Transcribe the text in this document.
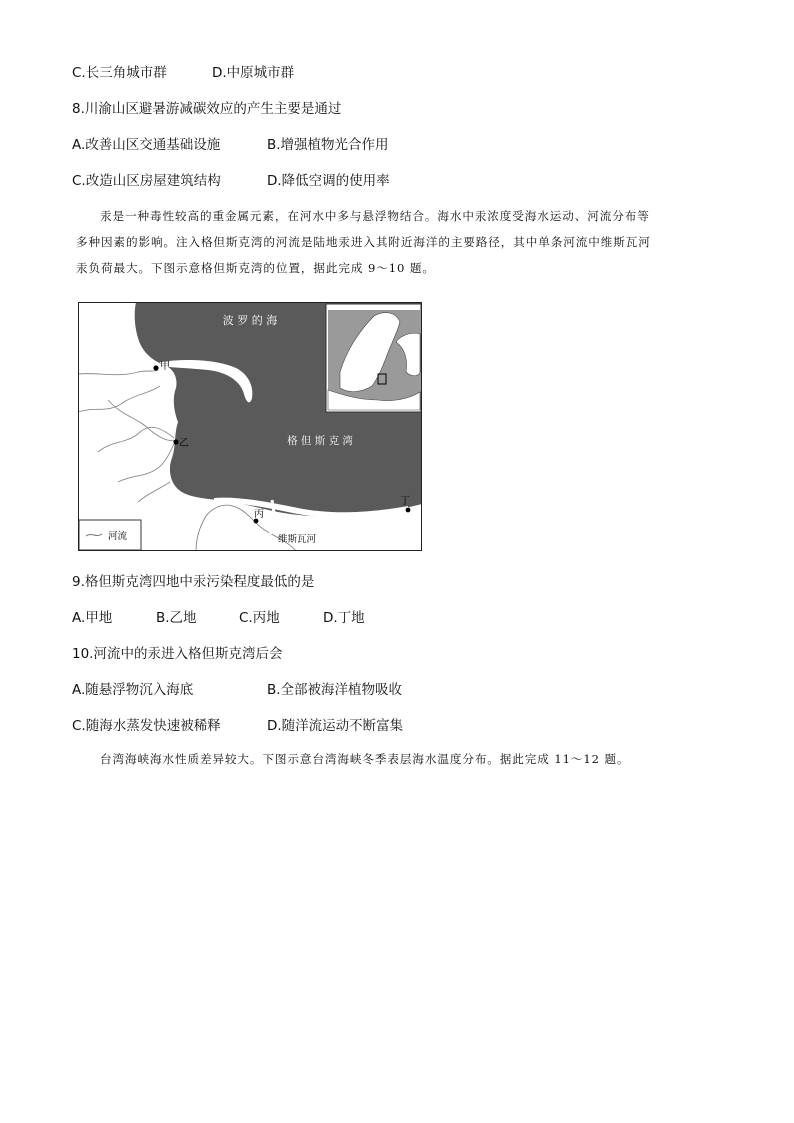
C.长三角城市群	D.中原城市群
8.川渝山区避暑游减碳效应的产生主要是通过
A.改善山区交通基础设施	B.增强植物光合作用
C.改造山区房屋建筑结构	D.降低空调的使用率
汞是一种毒性较高的重金属元素，在河水中多与悬浮物结合。海水中汞浓度受海水运动、河流分布等
多种因素的影响。注入格但斯克湾的河流是陆地汞进入其附近海洋的主要路径，其中单条河流中维斯瓦河
汞负荷最大。下图示意格但斯克湾的位置，据此完成 9～10 题。
波 罗 的 海
格 但 斯 克 湾
甲
乙
丙
丁
维斯瓦河
河流
9.格但斯克湾四地中汞污染程度最低的是
A.甲地	B.乙地	C.丙地	D.丁地
10.河流中的汞进入格但斯克湾后会
A.随悬浮物沉入海底	B.全部被海洋植物吸收
C.随海水蒸发快速被稀释	D.随洋流运动不断富集
台湾海峡海水性质差异较大。下图示意台湾海峡冬季表层海水温度分布。据此完成 11～12 题。
